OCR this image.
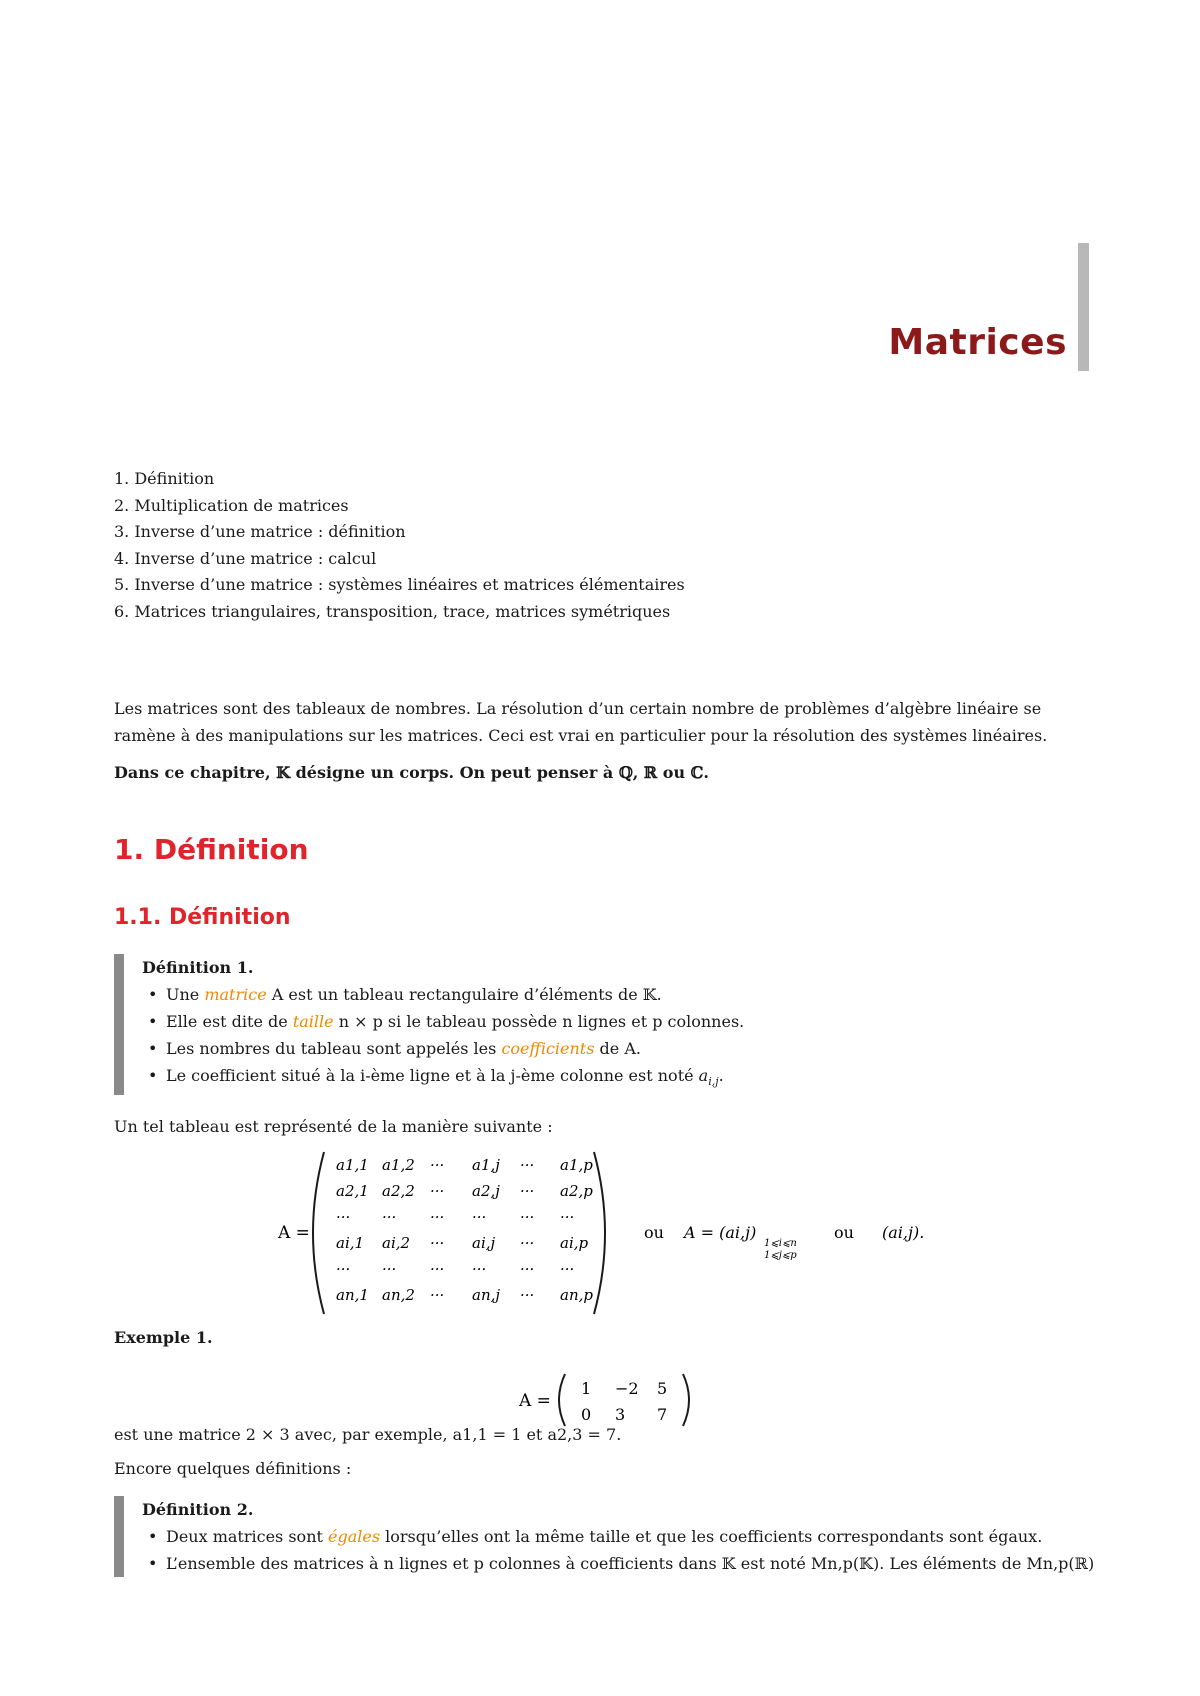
Matrices
1. Définition
2. Multiplication de matrices
3. Inverse d’une matrice : définition
4. Inverse d’une matrice : calcul
5. Inverse d’une matrice : systèmes linéaires et matrices élémentaires
6. Matrices triangulaires, transposition, trace, matrices symétriques
Les matrices sont des tableaux de nombres. La résolution d’un certain nombre de problèmes d’algèbre linéaire se ramène à des manipulations sur les matrices. Ceci est vrai en particulier pour la résolution des systèmes linéaires.
Dans ce chapitre, 𝕂 désigne un corps. On peut penser à ℚ, ℝ ou ℂ.
1. Définition
1.1. Définition
Définition 1.
• Une matrice A est un tableau rectangulaire d’éléments de 𝕂.
• Elle est dite de taille n × p si le tableau possède n lignes et p colonnes.
• Les nombres du tableau sont appelés les coefficients de A.
• Le coefficient situé à la i-ème ligne et à la j-ème colonne est noté $a_{i,j}$.
Un tel tableau est représenté de la manière suivante :
A =
a1,1 a1,2 ··· a1,j ··· a1,p
a2,1 a2,2 ··· a2,j ··· a2,p
··· ··· ··· ··· ··· ···
ai,1 ai,2 ··· ai,j ··· ai,p
··· ··· ··· ··· ··· ···
an,1 an,2 ··· an,j ··· an,p
ou A = (ai,j)
1⩽i⩽n
1⩽j⩽p
ou (ai,j).
Exemple 1.
A =
1 −2 5
0 3 7
est une matrice 2 × 3 avec, par exemple, a1,1 = 1 et a2,3 = 7.
Encore quelques définitions :
Définition 2.
• Deux matrices sont égales lorsqu’elles ont la même taille et que les coefficients correspondants sont égaux.
• L’ensemble des matrices à n lignes et p colonnes à coefficients dans 𝕂 est noté Mn,p(𝕂). Les éléments de Mn,p(ℝ)
